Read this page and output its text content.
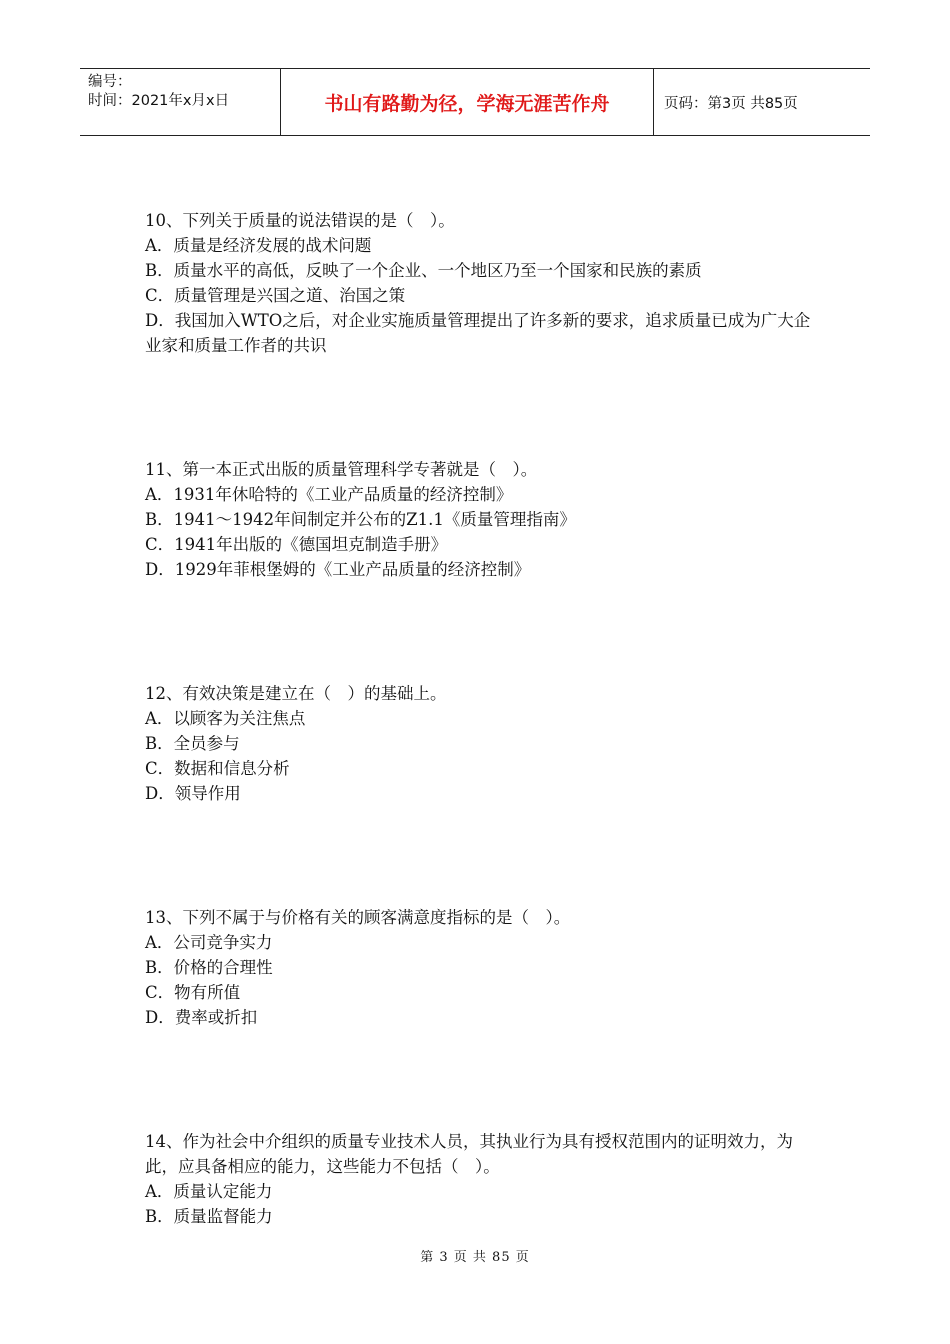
编号：
时间：2021年x月x日	书山有路勤为径，学海无涯苦作舟	页码：第3页 共85页

10、下列关于质量的说法错误的是（　）。

A．质量是经济发展的战术问题

B．质量水平的高低，反映了一个企业、一个地区乃至一个国家和民族的素质

C．质量管理是兴国之道、治国之策

D．我国加入WTO之后，对企业实施质量管理提出了许多新的要求，追求质量已成为广大企业家和质量工作者的共识

11、第一本正式出版的质量管理科学专著就是（　）。

A．1931年休哈特的《工业产品质量的经济控制》

B．1941～1942年间制定并公布的Z1.1《质量管理指南》

C．1941年出版的《德国坦克制造手册》

D．1929年菲根堡姆的《工业产品质量的经济控制》

12、有效决策是建立在（　）的基础上。

A．以顾客为关注焦点

B．全员参与

C．数据和信息分析

D．领导作用

13、下列不属于与价格有关的顾客满意度指标的是（　）。

A．公司竞争实力

B．价格的合理性

C．物有所值

D．费率或折扣

14、作为社会中介组织的质量专业技术人员，其执业行为具有授权范围内的证明效力，为此，应具备相应的能力，这些能力不包括（　）。

A．质量认定能力

B．质量监督能力

第 3 页 共 85 页
